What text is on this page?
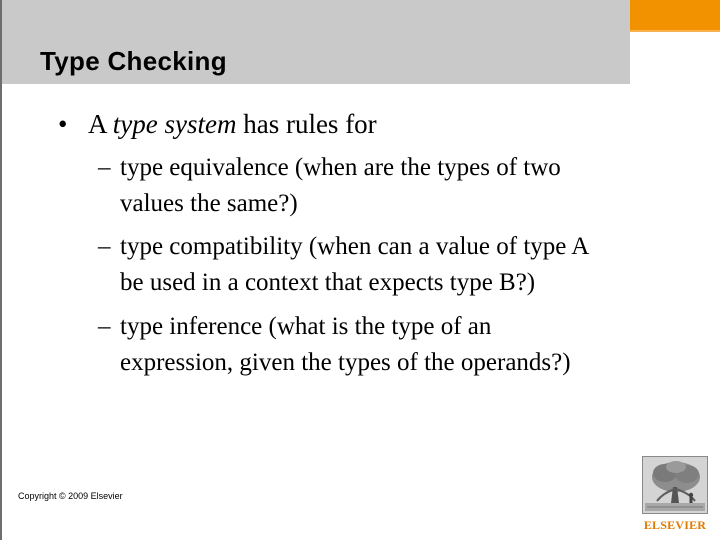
Type Checking
• A type system has rules for
– type equivalence (when are the types of two
values the same?)
– type compatibility (when can a value of type A
be used in a context that expects type B?)
– type inference (what is the type of an
expression, given the types of the operands?)
Copyright © 2009 Elsevier
ELSEVIER
